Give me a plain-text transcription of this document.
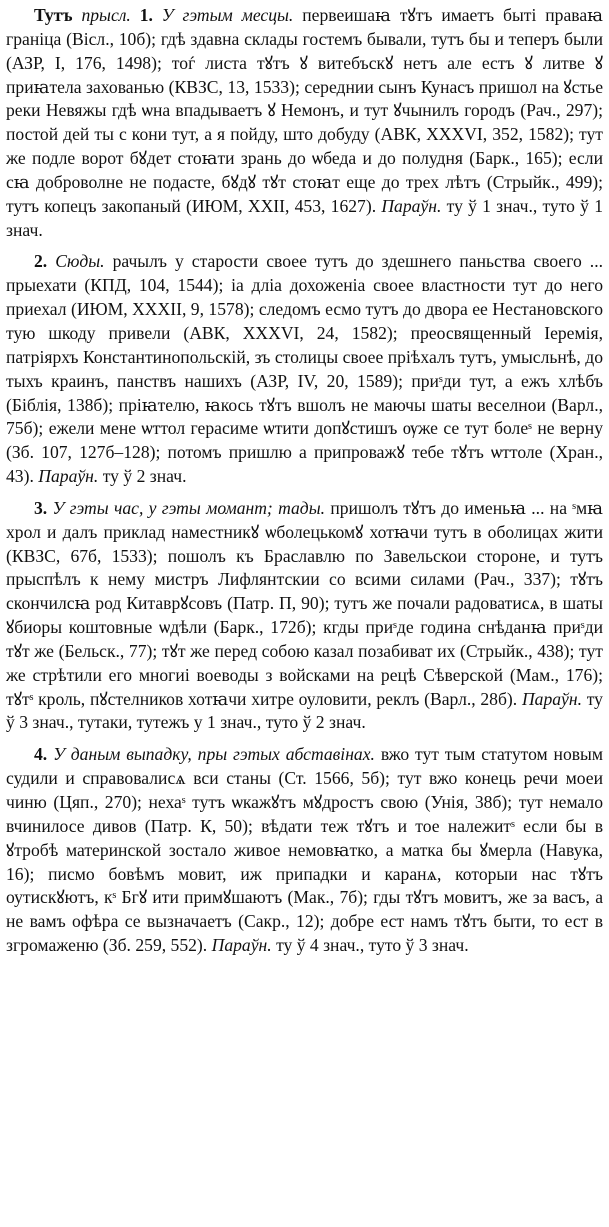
Тутъ прысл. 1. У гэтым месцы. первеишаꙗ тꙋтъ имаетъ быті праваꙗ граніца (Вісл., 10б); гдѣ здавна склады гостемъ бывали, тутъ бы и теперъ были (АЗР, I, 176, 1498); тоѓ листа тꙋтъ ꙋ витебъскꙋ нетъ але естъ ꙋ литве ꙋ приꙗтела захованью (КВЗС, 13, 1533); середнии сынъ Кунасъ пришол на ꙋстье реки Невяжы гдѣ ѡна впадываетъ ꙋ Немонъ, и тут ꙋчынилъ городъ (Рач., 297); постой дей ты с кони тут, а я пойду, што добуду (АВК, XXXVI, 352, 1582); тут же подле ворот бꙋдет стоꙗти зрань до ѡбеда и до полудня (Барк., 165); если сꙗ доброволне не подасте, бꙋдꙋ тꙋт стоꙗт еще до трех лѣтъ (Стрыйк., 499); тутъ копецъ закопаный (ИЮМ, XXII, 453, 1627). Параўн. ту ў 1 знач., туто ў 1 знач.

2. Сюды. рачылъ у старости своее тутъ до здешнего паньства своего ... прыехати (КПД, 104, 1544); іа дліа дохоженіа своее властности тут до него приехал (ИЮМ, XXXII, 9, 1578); следомъ есмо тутъ до двора ее Нестановского тую шкоду привели (АВК, XXXVI, 24, 1582); преосвященный Іеремія, патріярхъ Константинопольскій, зъ столицы своее пріѣхалъ тутъ, умысльнѣ, до тыхъ краинъ, панствъ нашихъ (АЗР, IV, 20, 1589); приˢди тут, а ежъ хлѣбъ (Біблія, 138б); пріꙗтелю, ꙗкось тꙋтъ вшолъ не маючы шаты веселнои (Варл., 75б); ежели мене ѡттол герасиме ѡтити допꙋстишъ ѹже се тут болеˢ не верну (Зб. 107, 127б–128); потомъ пришлю а припроважꙋ тебе тꙋтъ ѡттоле (Хран., 43). Параўн. ту ў 2 знач.

3. У гэты час, у гэты момант; тады. пришолъ тꙋтъ до именьꙗ ... на ˢмꙗ хрол и далъ приклад наместникꙋ ѡболецькомꙋ хотꙗчи тутъ в оболицах жити (КВЗС, 67б, 1533); пошолъ къ Браславлю по Завельскои стороне, и тутъ прыспѣлъ к нему мистръ Лифлянтскии со всими силами (Рач., 337); тꙋтъ скончилсꙗ род Китаврꙋсовъ (Патр. П, 90); тутъ же почали радоватисѧ, в шаты ꙋбиоры коштовные ѡдѣли (Барк., 172б); кгды приˢде година снѣданꙗ приˢди тꙋт же (Бельск., 77); тꙋт же перед собою казал позабиват их (Стрыйк., 438); тут же стрѣтили его многиі воеводы з войсками на рецѣ Сѣверской (Мам., 176); тꙋтˢ кроль, пꙋстелников хотꙗчи хитре оуловити, реклъ (Варл., 28б). Параўн. ту ў 3 знач., тутаки, тутежъ у 1 знач., туто ў 2 знач.

4. У даным выпадку, пры гэтых абставінах. вжо тут тым статутом новым судили и справовалисѧ вси станы (Ст. 1566, 5б); тут вжо конець речи моеи чиню (Цяп., 270); нехаˢ тутъ ѡкажꙋтъ мꙋдростъ свою (Унія, 38б); тут немало вчинилосе дивов (Патр. К, 50); вѣдати теж тꙋтъ и тое належитˢ если бы в ꙋтробѣ материнской зостало живое немовꙗтко, а матка бы ꙋмерла (Навука, 16); писмо бовѣмъ мовит, иж припадки и каранѧ, которыи нас тꙋтъ оутискꙋютъ, кˢ Бгꙋ ити примꙋшаютъ (Мак., 7б); гды тꙋтъ мовитъ, же за васъ, а не вамъ офѣра се вызначаетъ (Сакр., 12); добре ест намъ тꙋтъ быти, то ест в згромаженю (Зб. 259, 552). Параўн. ту ў 4 знач., туто ў 3 знач.
